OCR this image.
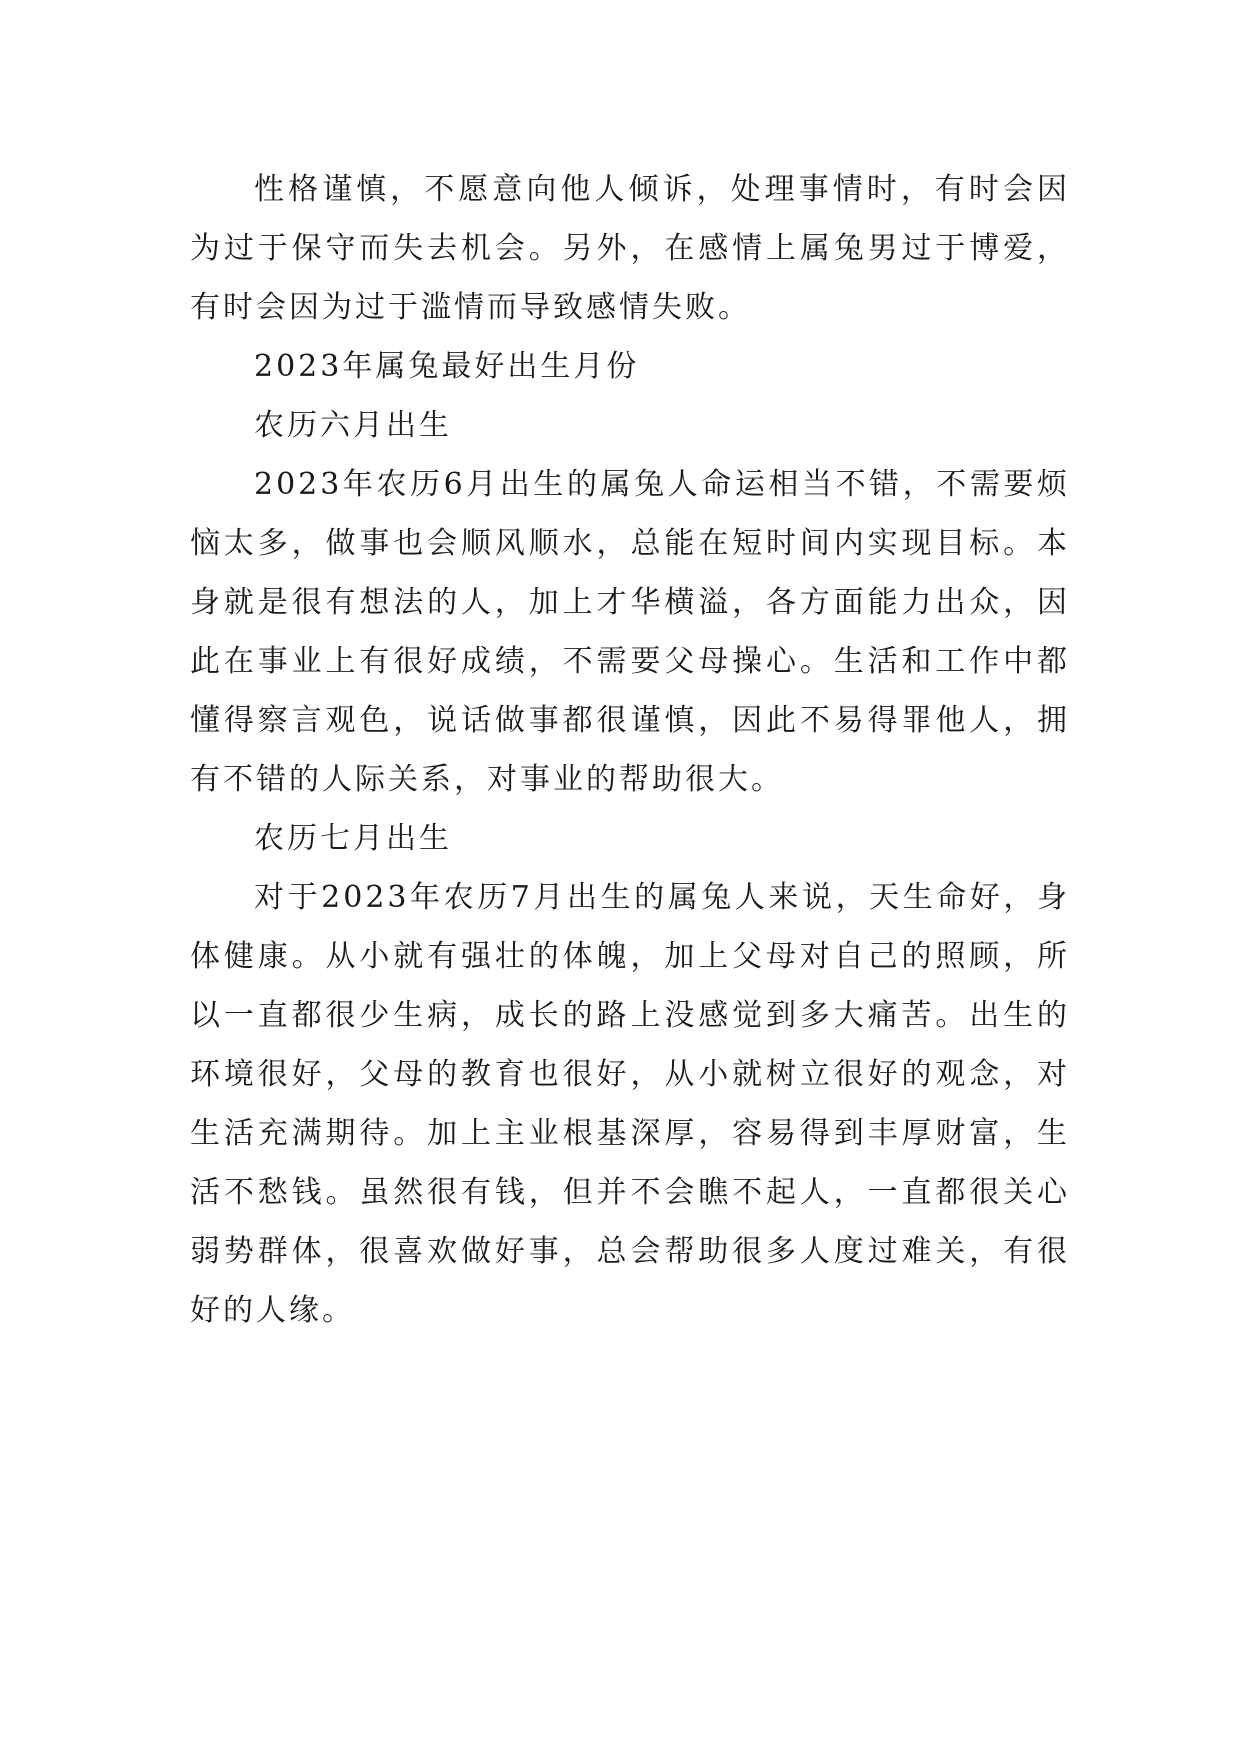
性格谨慎，不愿意向他人倾诉，处理事情时，有时会因为过于保守而失去机会。另外，在感情上属兔男过于博爱，有时会因为过于滥情而导致感情失败。

2023年属兔最好出生月份

农历六月出生

2023年农历6月出生的属兔人命运相当不错，不需要烦恼太多，做事也会顺风顺水，总能在短时间内实现目标。本身就是很有想法的人，加上才华横溢，各方面能力出众，因此在事业上有很好成绩，不需要父母操心。生活和工作中都懂得察言观色，说话做事都很谨慎，因此不易得罪他人，拥有不错的人际关系，对事业的帮助很大。

农历七月出生

对于2023年农历7月出生的属兔人来说，天生命好，身体健康。从小就有强壮的体魄，加上父母对自己的照顾，所以一直都很少生病，成长的路上没感觉到多大痛苦。出生的环境很好，父母的教育也很好，从小就树立很好的观念，对生活充满期待。加上主业根基深厚，容易得到丰厚财富，生活不愁钱。虽然很有钱，但并不会瞧不起人，一直都很关心弱势群体，很喜欢做好事，总会帮助很多人度过难关，有很好的人缘。
